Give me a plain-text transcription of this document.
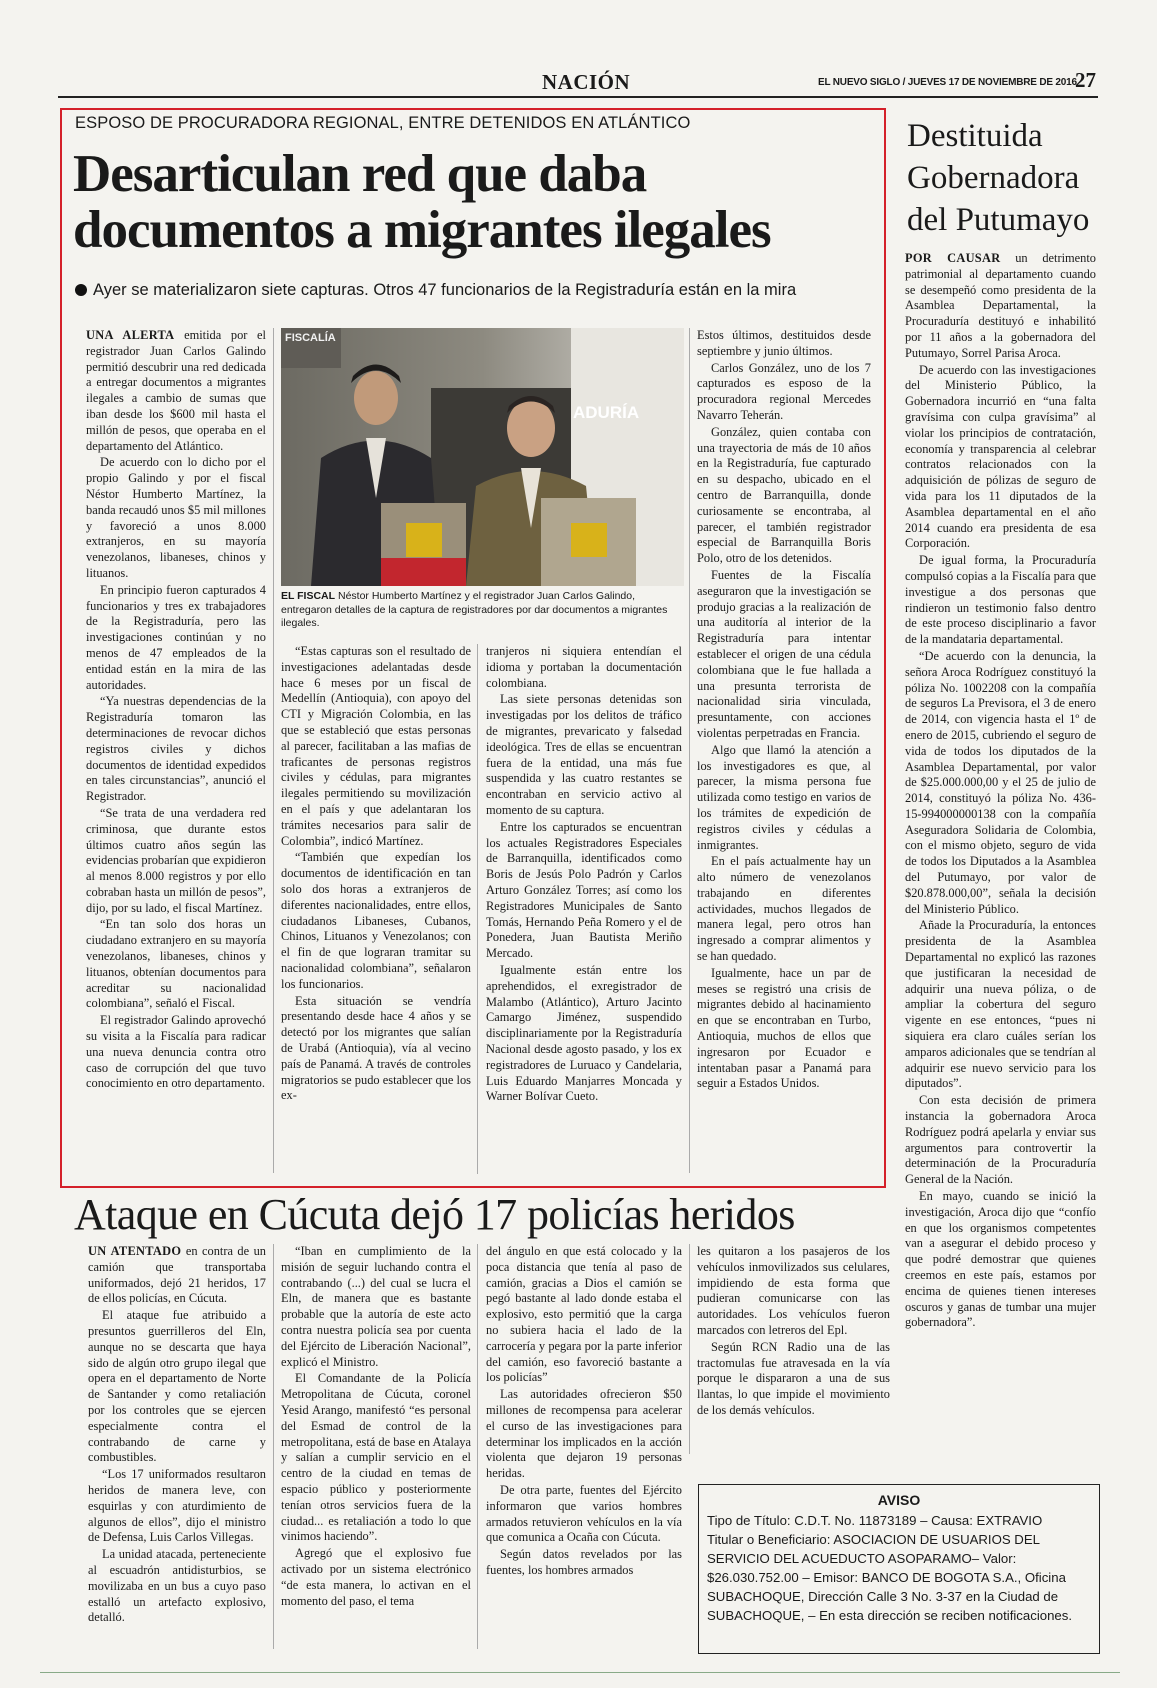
NACIÓN	EL NUEVO SIGLO / JUEVES 17 DE NOVIEMBRE DE 2016
27
ESPOSO DE PROCURADORA REGIONAL, ENTRE DETENIDOS EN ATLÁNTICO
Desarticulan red que daba
documentos a migrantes ilegales
Ayer se materializaron siete capturas. Otros 47 funcionarios de la Registraduría están en la mira
FISCALÍA
ADURÍA
EL FISCAL Néstor Humberto Martínez y el registrador Juan Carlos Galindo, entregaron detalles de la captura de registradores por dar documentos a migrantes ilegales.

UNA ALERTA emitida por el registrador Juan Carlos Galindo permitió descubrir una red dedicada a entregar documentos a migrantes ilegales a cambio de sumas que iban desde los $600 mil hasta el millón de pesos, que operaba en el departamento del Atlántico.

De acuerdo con lo dicho por el propio Galindo y por el fiscal Néstor Humberto Martínez, la banda recaudó unos $5 mil millones y favoreció a unos 8.000 extranjeros, en su mayoría venezolanos, libaneses, chinos y lituanos.

En principio fueron capturados 4 funcionarios y tres ex trabajadores de la Registraduría, pero las investigaciones continúan y no menos de 47 empleados de la entidad están en la mira de las autoridades.

“Ya nuestras dependencias de la Registraduría tomaron las determinaciones de revocar dichos registros civiles y dichos documentos de identidad expedidos en tales circunstancias”, anunció el Registrador.

“Se trata de una verdadera red criminosa, que durante estos últimos cuatro años según las evidencias probarían que expidieron al menos 8.000 registros y por ello cobraban hasta un millón de pesos”, dijo, por su lado, el fiscal Martínez.

“En tan solo dos horas un ciudadano extranjero en su mayoría venezolanos, libaneses, chinos y lituanos, obtenían documentos para acreditar su nacionalidad colombiana”, señaló el Fiscal.

El registrador Galindo aprovechó su visita a la Fiscalía para radicar una nueva denuncia contra otro caso de corrupción del que tuvo conocimiento en otro departamento.

“Estas capturas son el resultado de investigaciones adelantadas desde hace 6 meses por un fiscal de Medellín (Antioquia), con apoyo del CTI y Migración Colombia, en las que se estableció que estas personas al parecer, facilitaban a las mafias de traficantes de personas registros civiles y cédulas, para migrantes ilegales permitiendo su movilización en el país y que adelantaran los trámites necesarios para salir de Colombia”, indicó Martínez.

“También que expedían los documentos de identificación en tan solo dos horas a extranjeros de diferentes nacionalidades, entre ellos, ciudadanos Libaneses, Cubanos, Chinos, Lituanos y Venezolanos; con el fin de que lograran tramitar su nacionalidad colombiana”, señalaron los funcionarios.

Esta situación se vendría presentando desde hace 4 años y se detectó por los migrantes que salían de Urabá (Antioquia), vía al vecino país de Panamá. A través de controles migratorios se pudo establecer que los ex-

tranjeros ni siquiera entendían el idioma y portaban la documentación colombiana.

Las siete personas detenidas son investigadas por los delitos de tráfico de migrantes, prevaricato y falsedad ideológica. Tres de ellas se encuentran fuera de la entidad, una más fue suspendida y las cuatro restantes se encontraban en servicio activo al momento de su captura.

Entre los capturados se encuentran los actuales Registradores Especiales de Barranquilla, identificados como Boris de Jesús Polo Padrón y Carlos Arturo González Torres; así como los Registradores Municipales de Santo Tomás, Hernando Peña Romero y el de Ponedera, Juan Bautista Meriño Mercado.

Igualmente están entre los aprehendidos, el exregistrador de Malambo (Atlántico), Arturo Jacinto Camargo Jiménez, suspendido disciplinariamente por la Registraduría Nacional desde agosto pasado, y los ex registradores de Luruaco y Candelaria, Luis Eduardo Manjarres Moncada y Warner Bolívar Cueto.

Estos últimos, destituidos desde septiembre y junio últimos.

Carlos González, uno de los 7 capturados es esposo de la procuradora regional Mercedes Navarro Teherán.

González, quien contaba con una trayectoria de más de 10 años en la Registraduría, fue capturado en su despacho, ubicado en el centro de Barranquilla, donde curiosamente se encontraba, al parecer, el también registrador especial de Barranquilla Boris Polo, otro de los detenidos.

Fuentes de la Fiscalía aseguraron que la investigación se produjo gracias a la realización de una auditoría al interior de la Registraduría para intentar establecer el origen de una cédula colombiana que le fue hallada a una presunta terrorista de nacionalidad siria vinculada, presuntamente, con acciones violentas perpetradas en Francia.

Algo que llamó la atención a los investigadores es que, al parecer, la misma persona fue utilizada como testigo en varios de los trámites de expedición de registros civiles y cédulas a inmigrantes.

En el país actualmente hay un alto número de venezolanos trabajando en diferentes actividades, muchos llegados de manera legal, pero otros han ingresado a comprar alimentos y se han quedado.

Igualmente, hace un par de meses se registró una crisis de migrantes debido al hacinamiento en que se encontraban en Turbo, Antioquia, muchos de ellos que ingresaron por Ecuador e intentaban pasar a Panamá para seguir a Estados Unidos.

Destituida
Gobernadora
del Putumayo

POR CAUSAR un detrimento patrimonial al departamento cuando se desempeñó como presidenta de la Asamblea Departamental, la Procuraduría destituyó e inhabilitó por 11 años a la gobernadora del Putumayo, Sorrel Parisa Aroca.

De acuerdo con las investigaciones del Ministerio Público, la Gobernadora incurrió en “una falta gravísima con culpa gravísima” al violar los principios de contratación, economía y transparencia al celebrar contratos relacionados con la adquisición de pólizas de seguro de vida para los 11 diputados de la Asamblea departamental en el año 2014 cuando era presidenta de esa Corporación.

De igual forma, la Procuraduría compulsó copias a la Fiscalía para que investigue a dos personas que rindieron un testimonio falso dentro de este proceso disciplinario a favor de la mandataria departamental.

“De acuerdo con la denuncia, la señora Aroca Rodríguez constituyó la póliza No. 1002208 con la compañía de seguros La Previsora, el 3 de enero de 2014, con vigencia hasta el 1º de enero de 2015, cubriendo el seguro de vida de todos los diputados de la Asamblea Departamental, por valor de $25.000.000,00 y el 25 de julio de 2014, constituyó la póliza No. 436-15-994000000138 con la compañía Aseguradora Solidaria de Colombia, con el mismo objeto, seguro de vida de todos los Diputados a la Asamblea del Putumayo, por valor de $20.878.000,00”, señala la decisión del Ministerio Público.

Añade la Procuraduría, la entonces presidenta de la Asamblea Departamental no explicó las razones que justificaran la necesidad de adquirir una nueva póliza, o de ampliar la cobertura del seguro vigente en ese entonces, “pues ni siquiera era claro cuáles serían los amparos adicionales que se tendrían al adquirir ese nuevo servicio para los diputados”.

Con esta decisión de primera instancia la gobernadora Aroca Rodríguez podrá apelarla y enviar sus argumentos para controvertir la determinación de la Procuraduría General de la Nación.

En mayo, cuando se inició la investigación, Aroca dijo que “confío en que los organismos competentes van a asegurar el debido proceso y que podré demostrar que quienes creemos en este país, estamos por encima de quienes tienen intereses oscuros y ganas de tumbar una mujer gobernadora”.

Ataque en Cúcuta dejó 17 policías heridos

UN ATENTADO en contra de un camión que transportaba uniformados, dejó 21 heridos, 17 de ellos policías, en Cúcuta.

El ataque fue atribuido a presuntos guerrilleros del Eln, aunque no se descarta que haya sido de algún otro grupo ilegal que opera en el departamento de Norte de Santander y como retaliación por los controles que se ejercen especialmente contra el contrabando de carne y combustibles.

“Los 17 uniformados resultaron heridos de manera leve, con esquirlas y con aturdimiento de algunos de ellos”, dijo el ministro de Defensa, Luis Carlos Villegas.

La unidad atacada, perteneciente al escuadrón antidisturbios, se movilizaba en un bus a cuyo paso estalló un artefacto explosivo, detalló.

“Iban en cumplimiento de la misión de seguir luchando contra el contrabando (...) del cual se lucra el Eln, de manera que es bastante probable que la autoría de este acto contra nuestra policía sea por cuenta del Ejército de Liberación Nacional”, explicó el Ministro.

El Comandante de la Policía Metropolitana de Cúcuta, coronel Yesid Arango, manifestó “es personal del Esmad de control de la metropolitana, está de base en Atalaya y salían a cumplir servicio en el centro de la ciudad en temas de espacio público y posteriormente tenían otros servicios fuera de la ciudad... es retaliación a todo lo que vinimos haciendo”.

Agregó que el explosivo fue activado por un sistema electrónico “de esta manera, lo activan en el momento del paso, el tema

del ángulo en que está colocado y la poca distancia que tenía al paso de camión, gracias a Dios el camión se pegó bastante al lado donde estaba el explosivo, esto permitió que la carga no subiera hacia el lado de la carrocería y pegara por la parte inferior del camión, eso favoreció bastante a los policías”

Las autoridades ofrecieron $50 millones de recompensa para acelerar el curso de las investigaciones para determinar los implicados en la acción violenta que dejaron 19 personas heridas.

De otra parte, fuentes del Ejército informaron que varios hombres armados retuvieron vehículos en la vía que comunica a Ocaña con Cúcuta.

Según datos revelados por las fuentes, los hombres armados

les quitaron a los pasajeros de los vehículos inmovilizados sus celulares, impidiendo de esta forma que pudieran comunicarse con las autoridades. Los vehículos fueron marcados con letreros del Epl.

Según RCN Radio una de las tractomulas fue atravesada en la vía porque le dispararon a una de sus llantas, lo que impide el movimiento de los demás vehículos.

AVISO
Tipo de Título: C.D.T. No. 11873189 – Causa: EXTRAVIO
Titular o Beneficiario: ASOCIACION DE USUARIOS DEL
SERVICIO DEL ACUEDUCTO ASOPARAMO– Valor:
$26.030.752.00 – Emisor: BANCO DE BOGOTA S.A., Oficina
SUBACHOQUE, Dirección Calle 3 No. 3-37 en la Ciudad de
SUBACHOQUE, – En esta dirección se reciben notificaciones.
